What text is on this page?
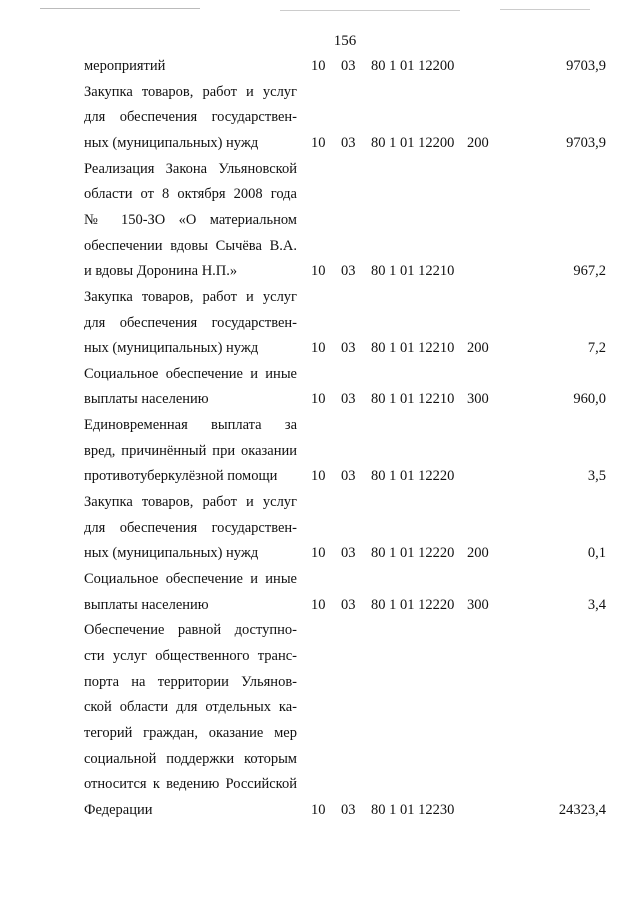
156
мероприятий	10 03 80 1 01 12200	9703,9
Закупка товаров, работ и услуг
для обеспечения государствен-
ных (муниципальных) нужд	10 03 80 1 01 12200 200	9703,9
Реализация Закона Ульяновской
области от 8 октября 2008 года
№ 150-ЗО «О материальном
обеспечении вдовы Сычёва В.А.
и вдовы Доронина Н.П.»	10 03 80 1 01 12210	967,2
Закупка товаров, работ и услуг
для обеспечения государствен-
ных (муниципальных) нужд	10 03 80 1 01 12210 200	7,2
Социальное обеспечение и иные
выплаты населению	10 03 80 1 01 12210 300	960,0
Единовременная выплата за
вред, причинённый при оказании
противотуберкулёзной помощи	10 03 80 1 01 12220	3,5
Закупка товаров, работ и услуг
для обеспечения государствен-
ных (муниципальных) нужд	10 03 80 1 01 12220 200	0,1
Социальное обеспечение и иные
выплаты населению	10 03 80 1 01 12220 300	3,4
Обеспечение равной доступно-
сти услуг общественного транс-
порта на территории Ульянов-
ской области для отдельных ка-
тегорий граждан, оказание мер
социальной поддержки которым
относится к ведению Российской
Федерации	10 03 80 1 01 12230	24323,4
